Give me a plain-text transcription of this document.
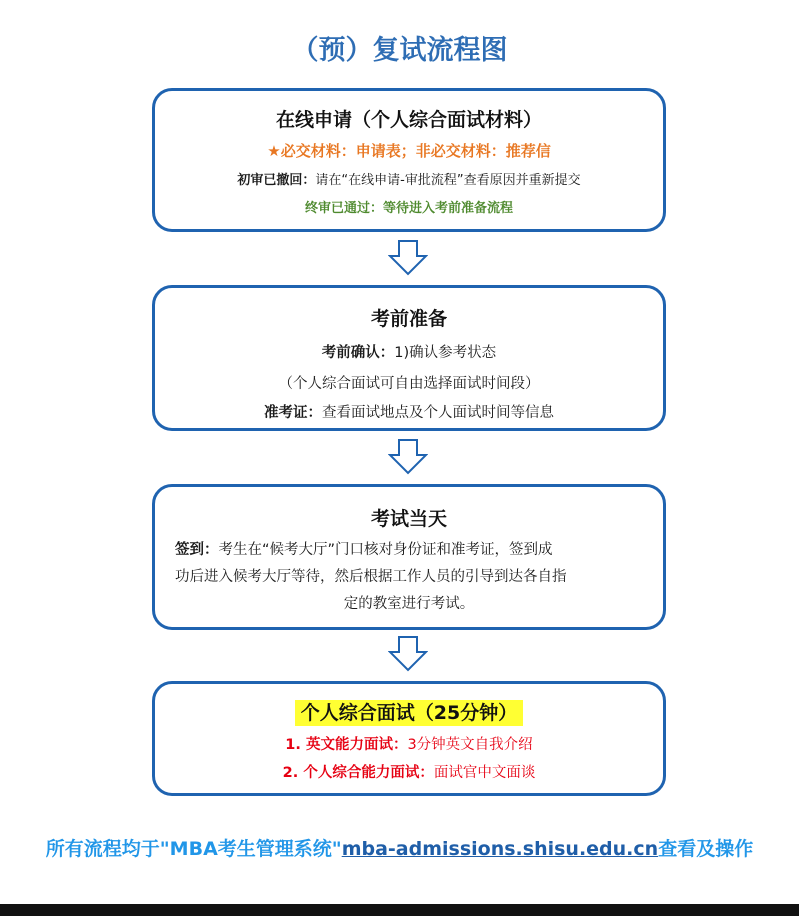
（预）复试流程图
在线申请（个人综合面试材料）
★必交材料：申请表；非必交材料：推荐信
初审已撤回：请在“在线申请-审批流程”查看原因并重新提交
终审已通过：等待进入考前准备流程
考前准备
考前确认：1)确认参考状态
（个人综合面试可自由选择面试时间段）
准考证：查看面试地点及个人面试时间等信息
考试当天
签到：考生在“候考大厅”门口核对身份证和准考证，签到成
功后进入候考大厅等待，然后根据工作人员的引导到达各自指

定的教室进行考试。
个人综合面试（25分钟）
1. 英文能力面试：3分钟英文自我介绍
2. 个人综合能力面试：面试官中文面谈
所有流程均于"MBA考生管理系统"mba-admissions.shisu.edu.cn查看及操作
